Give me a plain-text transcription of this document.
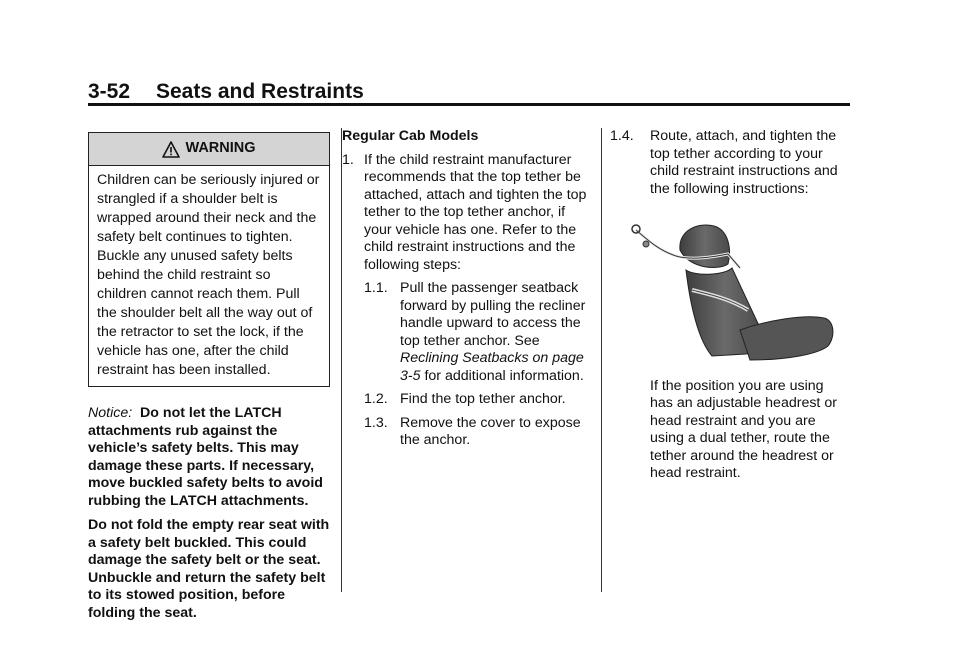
3-52 Seats and Restraints
WARNING
Children can be seriously injured or strangled if a shoulder belt is wrapped around their neck and the safety belt continues to tighten. Buckle any unused safety belts behind the child restraint so children cannot reach them. Pull the shoulder belt all the way out of the retractor to set the lock, if the vehicle has one, after the child restraint has been installed.

Notice: Do not let the LATCH attachments rub against the vehicle’s safety belts. This may damage these parts. If necessary, move buckled safety belts to avoid rubbing the LATCH attachments.

Do not fold the empty rear seat with a safety belt buckled. This could damage the safety belt or the seat. Unbuckle and return the safety belt to its stowed position, before folding the seat.

Regular Cab Models
1. If the child restraint manufacturer recommends that the top tether be attached, attach and tighten the top tether to the top tether anchor, if your vehicle has one. Refer to the child restraint instructions and the following steps:
1.1. Pull the passenger seatback forward by pulling the recliner handle upward to access the top tether anchor. See Reclining Seatbacks on page 3-5 for additional information.
1.2. Find the top tether anchor.
1.3. Remove the cover to expose the anchor.
1.4.	Route, attach, and tighten the top tether according to your child restraint instructions and the following instructions:

If the position you are using has an adjustable headrest or head restraint and you are using a dual tether, route the tether around the headrest or head restraint.
